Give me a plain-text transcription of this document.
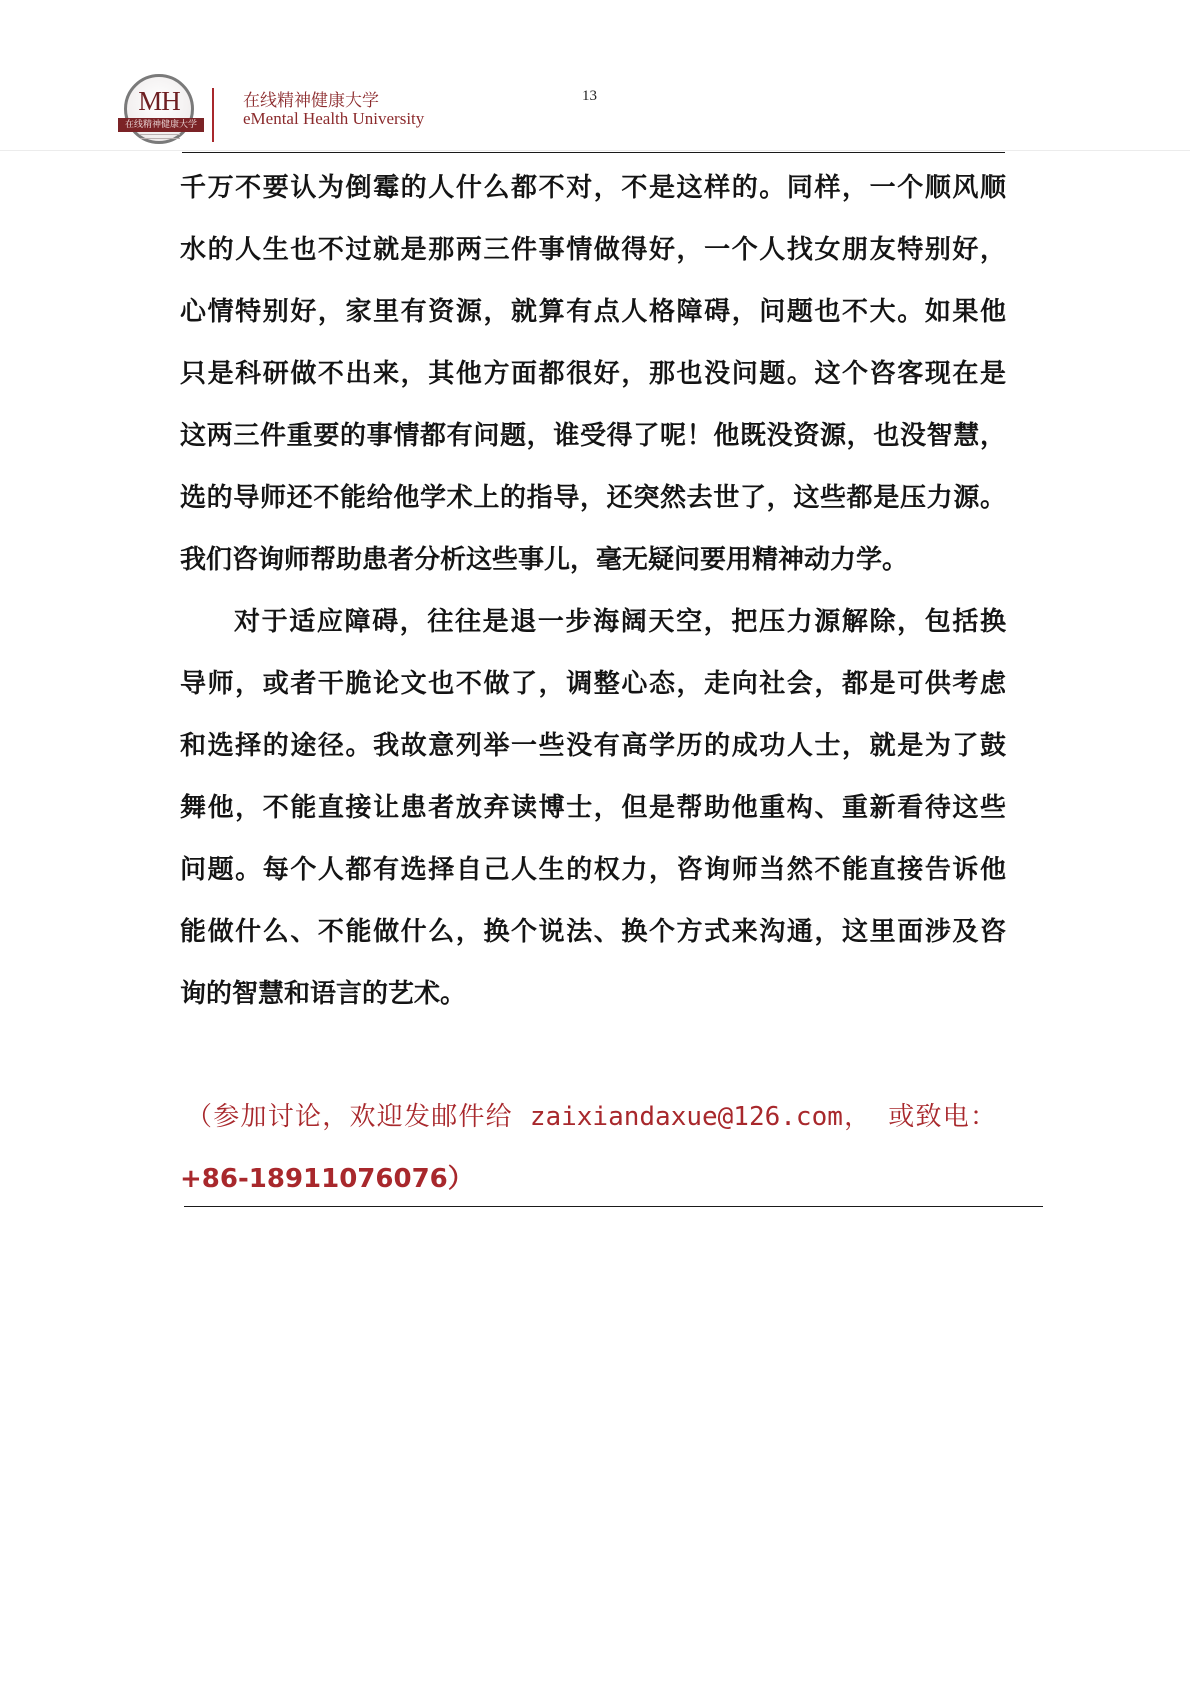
MH
在线精神健康大学
在线精神健康大学
eMental Health University
13
千万不要认为倒霉的人什么都不对，不是这样的。同样，一个顺风顺
水的人生也不过就是那两三件事情做得好，一个人找女朋友特别好，
心情特别好，家里有资源，就算有点人格障碍，问题也不大。如果他
只是科研做不出来，其他方面都很好，那也没问题。这个咨客现在是
这两三件重要的事情都有问题，谁受得了呢！他既没资源，也没智慧，
选的导师还不能给他学术上的指导，还突然去世了，这些都是压力源。
我们咨询师帮助患者分析这些事儿，毫无疑问要用精神动力学。
对于适应障碍，往往是退一步海阔天空，把压力源解除，包括换
导师，或者干脆论文也不做了，调整心态，走向社会，都是可供考虑
和选择的途径。我故意列举一些没有高学历的成功人士，就是为了鼓
舞他，不能直接让患者放弃读博士，但是帮助他重构、重新看待这些
问题。每个人都有选择自己人生的权力，咨询师当然不能直接告诉他
能做什么、不能做什么，换个说法、换个方式来沟通，这里面涉及咨
询的智慧和语言的艺术。
（参加讨论，欢迎发邮件给 zaixiandaxue@126.com， 或致电：
+86-18911076076）
